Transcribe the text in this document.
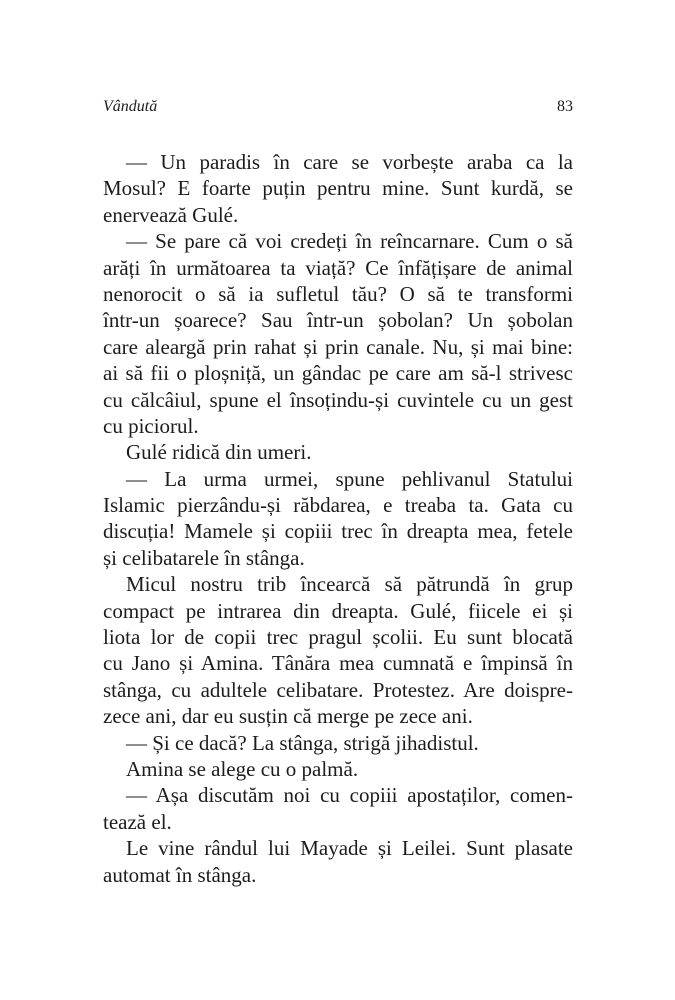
Vândută	83
— Un paradis în care se vorbește araba ca la
Mosul? E foarte puțin pentru mine. Sunt kurdă, se
enervează Gulé.
— Se pare că voi credeți în reîncarnare. Cum o să
arăți în următoarea ta viață? Ce înfățișare de animal
nenorocit o să ia sufletul tău? O să te transformi
într-un șoarece? Sau într-un șobolan? Un șobolan
care aleargă prin rahat și prin canale. Nu, și mai bine:
ai să fii o ploșniță, un gândac pe care am să-l strivesc
cu călcâiul, spune el însoțindu-și cuvintele cu un gest
cu piciorul.
Gulé ridică din umeri.
— La urma urmei, spune pehlivanul Statului
Islamic pierzându-și răbdarea, e treaba ta. Gata cu
discuția! Mamele și copiii trec în dreapta mea, fetele
și celibatarele în stânga.
Micul nostru trib încearcă să pătrundă în grup
compact pe intrarea din dreapta. Gulé, fiicele ei și
liota lor de copii trec pragul școlii. Eu sunt blocată
cu Jano și Amina. Tânăra mea cumnată e împinsă în
stânga, cu adultele celibatare. Protestez. Are doispre-
zece ani, dar eu susțin că merge pe zece ani.
— Și ce dacă? La stânga, strigă jihadistul.
Amina se alege cu o palmă.
— Așa discutăm noi cu copiii apostaților, comen-
tează el.
Le vine rândul lui Mayade și Leilei. Sunt plasate
automat în stânga.
